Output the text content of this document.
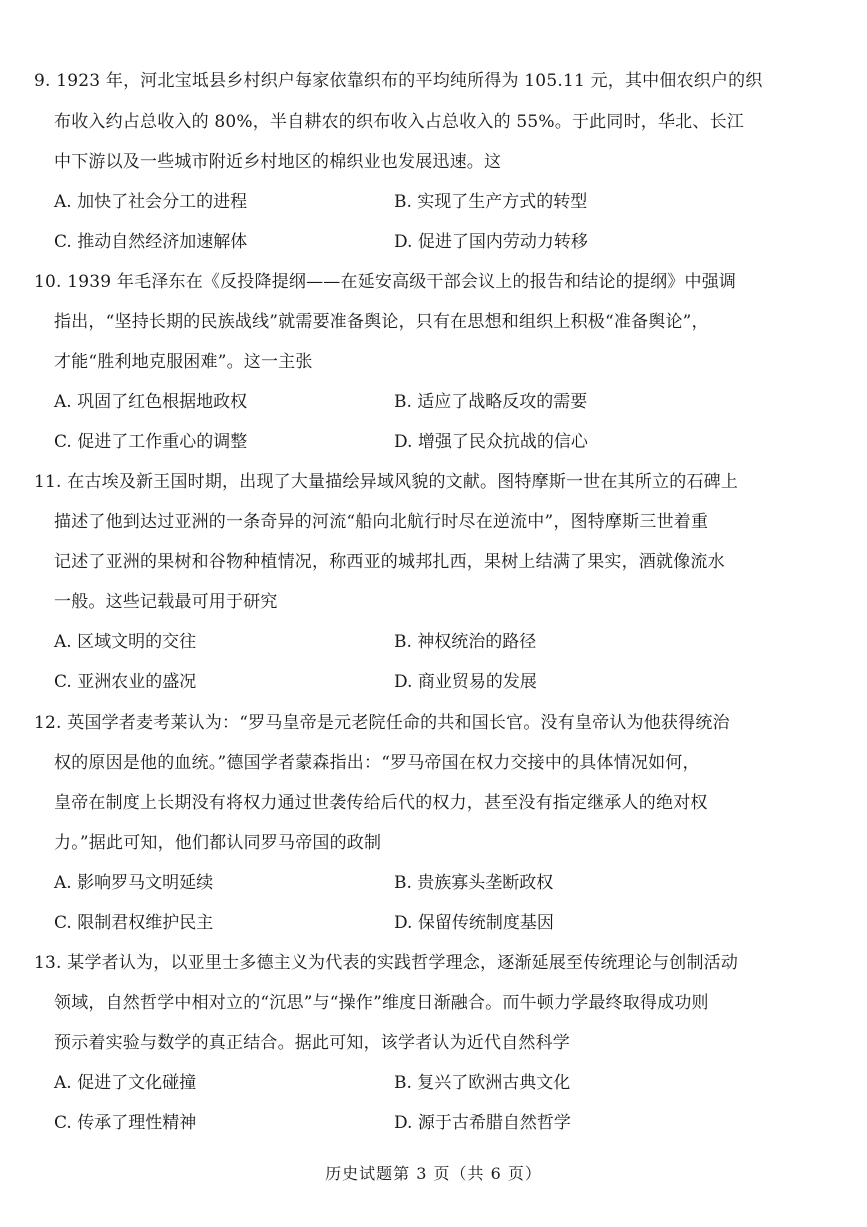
9. 1923 年，河北宝坻县乡村织户每家依靠织布的平均纯所得为 105.11 元，其中佃农织户的织
布收入约占总收入的 80%，半自耕农的织布收入占总收入的 55%。于此同时，华北、长江
中下游以及一些城市附近乡村地区的棉织业也发展迅速。这
A. 加快了社会分工的进程	B. 实现了生产方式的转型
C. 推动自然经济加速解体	D. 促进了国内劳动力转移
10. 1939 年毛泽东在《反投降提纲——在延安高级干部会议上的报告和结论的提纲》中强调
指出，“坚持长期的民族战线”就需要准备舆论，只有在思想和组织上积极“准备舆论”，
才能“胜利地克服困难”。这一主张
A. 巩固了红色根据地政权	B. 适应了战略反攻的需要
C. 促进了工作重心的调整	D. 增强了民众抗战的信心
11. 在古埃及新王国时期，出现了大量描绘异域风貌的文献。图特摩斯一世在其所立的石碑上
描述了他到达过亚洲的一条奇异的河流“船向北航行时尽在逆流中”，图特摩斯三世着重
记述了亚洲的果树和谷物种植情况，称西亚的城邦扎西，果树上结满了果实，酒就像流水
一般。这些记载最可用于研究
A. 区域文明的交往	B. 神权统治的路径
C. 亚洲农业的盛况	D. 商业贸易的发展
12. 英国学者麦考莱认为：“罗马皇帝是元老院任命的共和国长官。没有皇帝认为他获得统治
权的原因是他的血统。”德国学者蒙森指出：“罗马帝国在权力交接中的具体情况如何，
皇帝在制度上长期没有将权力通过世袭传给后代的权力，甚至没有指定继承人的绝对权
力。”据此可知，他们都认同罗马帝国的政制
A. 影响罗马文明延续	B. 贵族寡头垄断政权
C. 限制君权维护民主	D. 保留传统制度基因
13. 某学者认为，以亚里士多德主义为代表的实践哲学理念，逐渐延展至传统理论与创制活动
领域，自然哲学中相对立的“沉思”与“操作”维度日渐融合。而牛顿力学最终取得成功则
预示着实验与数学的真正结合。据此可知，该学者认为近代自然科学
A. 促进了文化碰撞	B. 复兴了欧洲古典文化
C. 传承了理性精神	D. 源于古希腊自然哲学
历史试题第 3 页（共 6 页）
